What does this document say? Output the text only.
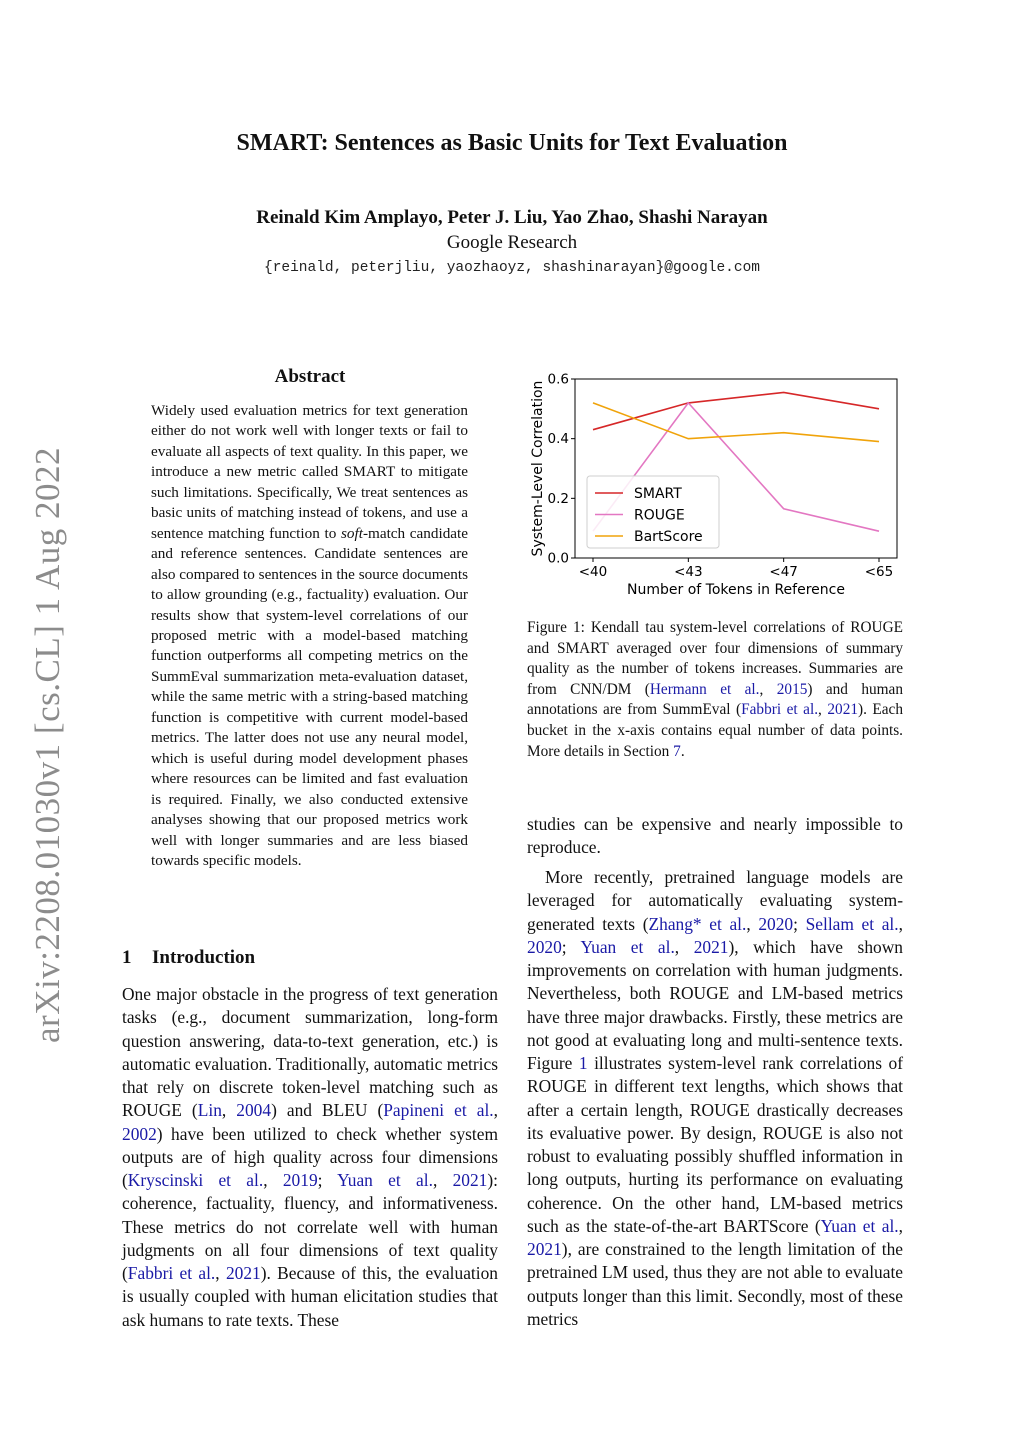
arXiv:2208.01030v1 [cs.CL] 1 Aug 2022
SMART: Sentences as Basic Units for Text Evaluation
Reinald Kim Amplayo, Peter J. Liu, Yao Zhao, Shashi Narayan
Google Research
{reinald, peterjliu, yaozhaoyz, shashinarayan}@google.com
Abstract
Widely used evaluation metrics for text generation either do not work well with longer texts or fail to evaluate all aspects of text quality. In this paper, we introduce a new metric called SMART to mitigate such limitations. Specifically, We treat sentences as basic units of matching instead of tokens, and use a sentence matching function to soft-match candidate and reference sentences. Candidate sentences are also compared to sentences in the source documents to allow grounding (e.g., factuality) evaluation. Our results show that system-level correlations of our proposed metric with a model-based matching function outperforms all competing metrics on the SummEval summarization meta-evaluation dataset, while the same metric with a string-based matching function is competitive with current model-based metrics. The latter does not use any neural model, which is useful during model development phases where resources can be limited and fast evaluation is required. Finally, we also conducted extensive analyses showing that our proposed metrics work well with longer summaries and are less biased towards specific models.
1 Introduction
One major obstacle in the progress of text generation tasks (e.g., document summarization, long-form question answering, data-to-text generation, etc.) is automatic evaluation. Traditionally, automatic metrics that rely on discrete token-level matching such as ROUGE (Lin, 2004) and BLEU (Papineni et al., 2002) have been utilized to check whether system outputs are of high quality across four dimensions (Kryscinski et al., 2019; Yuan et al., 2021): coherence, factuality, fluency, and informativeness. These metrics do not correlate well with human judgments on all four dimensions of text quality (Fabbri et al., 2021). Because of this, the evaluation is usually coupled with human elicitation studies that ask humans to rate texts. These
0.0
0.2
0.4
0.6
<40	<43	<47	<65
Number of Tokens in Reference
System-Level Correlation	SMART
ROUGE
BartScore
Figure 1: Kendall tau system-level correlations of ROUGE and SMART averaged over four dimensions of summary quality as the number of tokens increases. Summaries are from CNN/DM (Hermann et al., 2015) and human annotations are from SummEval (Fabbri et al., 2021). Each bucket in the x-axis contains equal number of data points. More details in Section 7.
studies can be expensive and nearly impossible to reproduce.
More recently, pretrained language models are leveraged for automatically evaluating system-generated texts (Zhang* et al., 2020; Sellam et al., 2020; Yuan et al., 2021), which have shown improvements on correlation with human judgments. Nevertheless, both ROUGE and LM-based metrics have three major drawbacks. Firstly, these metrics are not good at evaluating long and multi-sentence texts. Figure 1 illustrates system-level rank correlations of ROUGE in different text lengths, which shows that after a certain length, ROUGE drastically decreases its evaluative power. By design, ROUGE is also not robust to evaluating possibly shuffled information in long outputs, hurting its performance on evaluating coherence. On the other hand, LM-based metrics such as the state-of-the-art BARTScore (Yuan et al., 2021), are constrained to the length limitation of the pretrained LM used, thus they are not able to evaluate outputs longer than this limit. Secondly, most of these metrics
